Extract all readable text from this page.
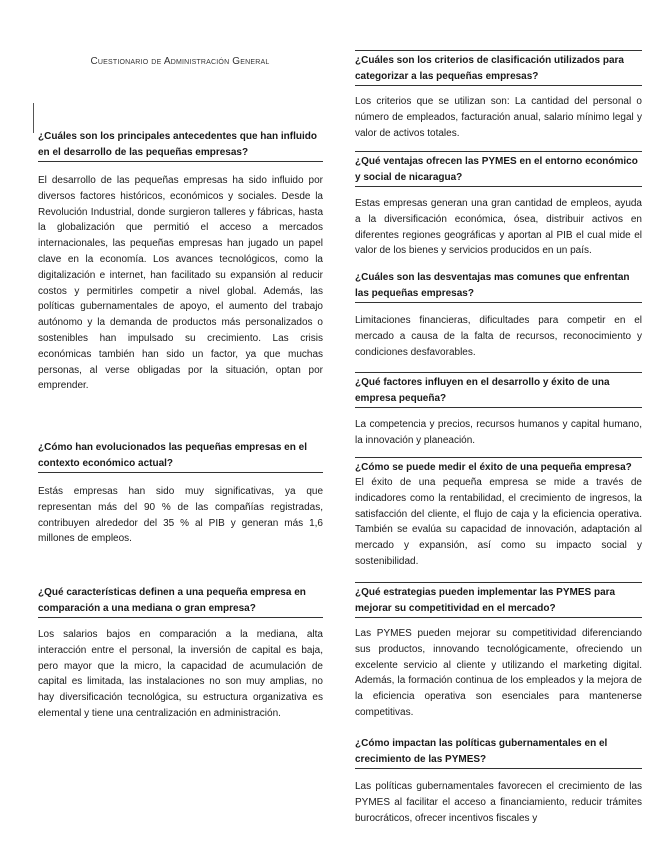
Cuestionario de Administración General
¿Cuáles son los principales antecedentes que han influido en el desarrollo de las pequeñas empresas?
El desarrollo de las pequeñas empresas ha sido influido por diversos factores históricos, económicos y sociales. Desde la Revolución Industrial, donde surgieron talleres y fábricas, hasta la globalización que permitió el acceso a mercados internacionales, las pequeñas empresas han jugado un papel clave en la economía. Los avances tecnológicos, como la digitalización e internet, han facilitado su expansión al reducir costos y permitirles competir a nivel global. Además, las políticas gubernamentales de apoyo, el aumento del trabajo autónomo y la demanda de productos más personalizados o sostenibles han impulsado su crecimiento. Las crisis económicas también han sido un factor, ya que muchas personas, al verse obligadas por la situación, optan por emprender.
¿Cómo han evolucionados las pequeñas empresas en el contexto económico actual?
Estás empresas han sido muy significativas, ya que representan más del 90 % de las compañías registradas, contribuyen alrededor del 35 % al PIB y generan más 1,6 millones de empleos.
¿Qué características definen a una pequeña empresa en comparación a una mediana o gran empresa?
Los salarios bajos en comparación a la mediana, alta interacción entre el personal, la inversión de capital es baja, pero mayor que la micro, la capacidad de acumulación de capital es limitada, las instalaciones no son muy amplias, no hay diversificación tecnológica, su estructura organizativa es elemental y tiene una centralización en administración.
¿Cuáles son los criterios de clasificación utilizados para categorizar a las pequeñas empresas?
Los criterios que se utilizan son: La cantidad del personal o número de empleados, facturación anual, salario mínimo legal y valor de activos totales.
¿Qué ventajas ofrecen las PYMES en el entorno económico y social de nicaragua?
Estas empresas generan una gran cantidad de empleos, ayuda a la diversificación económica, ósea, distribuir activos en diferentes regiones geográficas y aportan al PIB el cual mide el valor de los bienes y servicios producidos en un país.
¿Cuáles son las desventajas mas comunes que enfrentan las pequeñas empresas?
Limitaciones financieras, dificultades para competir en el mercado a causa de la falta de recursos, reconocimiento y condiciones desfavorables.
¿Qué factores influyen en el desarrollo y éxito de una empresa pequeña?
La competencia y precios, recursos humanos y capital humano, la innovación y planeación.
¿Cómo se puede medir el éxito de una pequeña empresa?
El éxito de una pequeña empresa se mide a través de indicadores como la rentabilidad, el crecimiento de ingresos, la satisfacción del cliente, el flujo de caja y la eficiencia operativa. También se evalúa su capacidad de innovación, adaptación al mercado y expansión, así como su impacto social y sostenibilidad.
¿Qué estrategias pueden implementar las PYMES para mejorar su competitividad en el mercado?
Las PYMES pueden mejorar su competitividad diferenciando sus productos, innovando tecnológicamente, ofreciendo un excelente servicio al cliente y utilizando el marketing digital. Además, la formación continua de los empleados y la mejora de la eficiencia operativa son esenciales para mantenerse competitivas.
¿Cómo impactan las políticas gubernamentales en el crecimiento de las PYMES?
Las políticas gubernamentales favorecen el crecimiento de las PYMES al facilitar el acceso a financiamiento, reducir trámites burocráticos, ofrecer incentivos fiscales y
